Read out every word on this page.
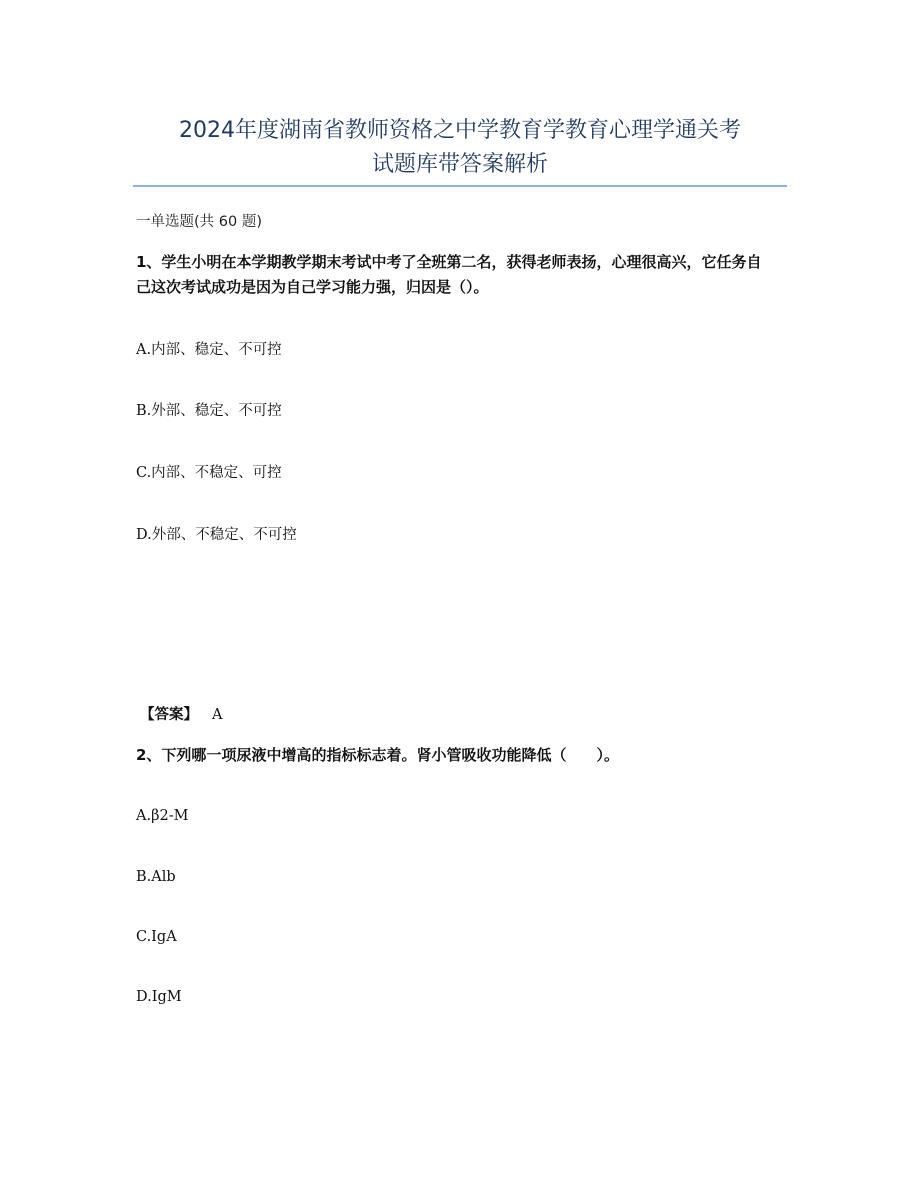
2024年度湖南省教师资格之中学教育学教育心理学通关考
试题库带答案解析
一单选题(共 60 题)

1、学生小明在本学期教学期末考试中考了全班第二名，获得老师表扬，心理很高兴，它任务自己这次考试成功是因为自己学习能力强，归因是（）。

A.内部、稳定、不可控
B.外部、稳定、不可控
C.内部、不稳定、可控
D.外部、不稳定、不可控
【答案】 A

2、下列哪一项尿液中增高的指标标志着。肾小管吸收功能降低（　　）。

A.β2-M
B.Alb
C.IgA
D.IgM
